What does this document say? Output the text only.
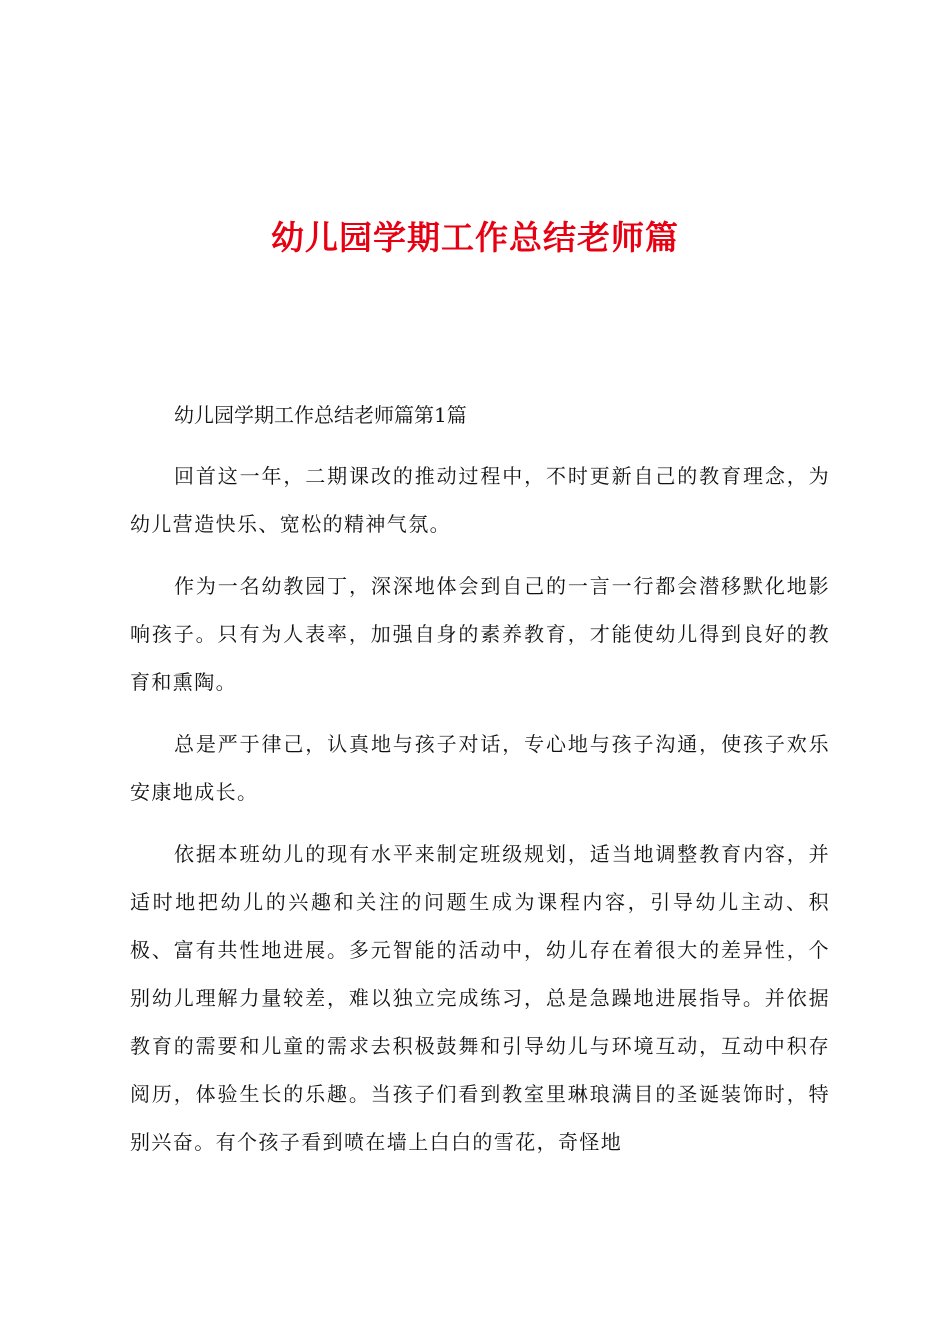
幼儿园学期工作总结老师篇

幼儿园学期工作总结老师篇第1篇

回首这一年，二期课改的推动过程中，不时更新自己的教育理念，为幼儿营造快乐、宽松的精神气氛。

作为一名幼教园丁，深深地体会到自己的一言一行都会潜移默化地影响孩子。只有为人表率，加强自身的素养教育，才能使幼儿得到良好的教育和熏陶。

总是严于律己，认真地与孩子对话，专心地与孩子沟通，使孩子欢乐安康地成长。

依据本班幼儿的现有水平来制定班级规划，适当地调整教育内容，并适时地把幼儿的兴趣和关注的问题生成为课程内容，引导幼儿主动、积极、富有共性地进展。多元智能的活动中，幼儿存在着很大的差异性，个别幼儿理解力量较差，难以独立完成练习，总是急躁地进展指导。并依据教育的需要和儿童的需求去积极鼓舞和引导幼儿与环境互动，互动中积存阅历，体验生长的乐趣。当孩子们看到教室里琳琅满目的圣诞装饰时，特别兴奋。有个孩子看到喷在墙上白白的雪花，奇怪地
